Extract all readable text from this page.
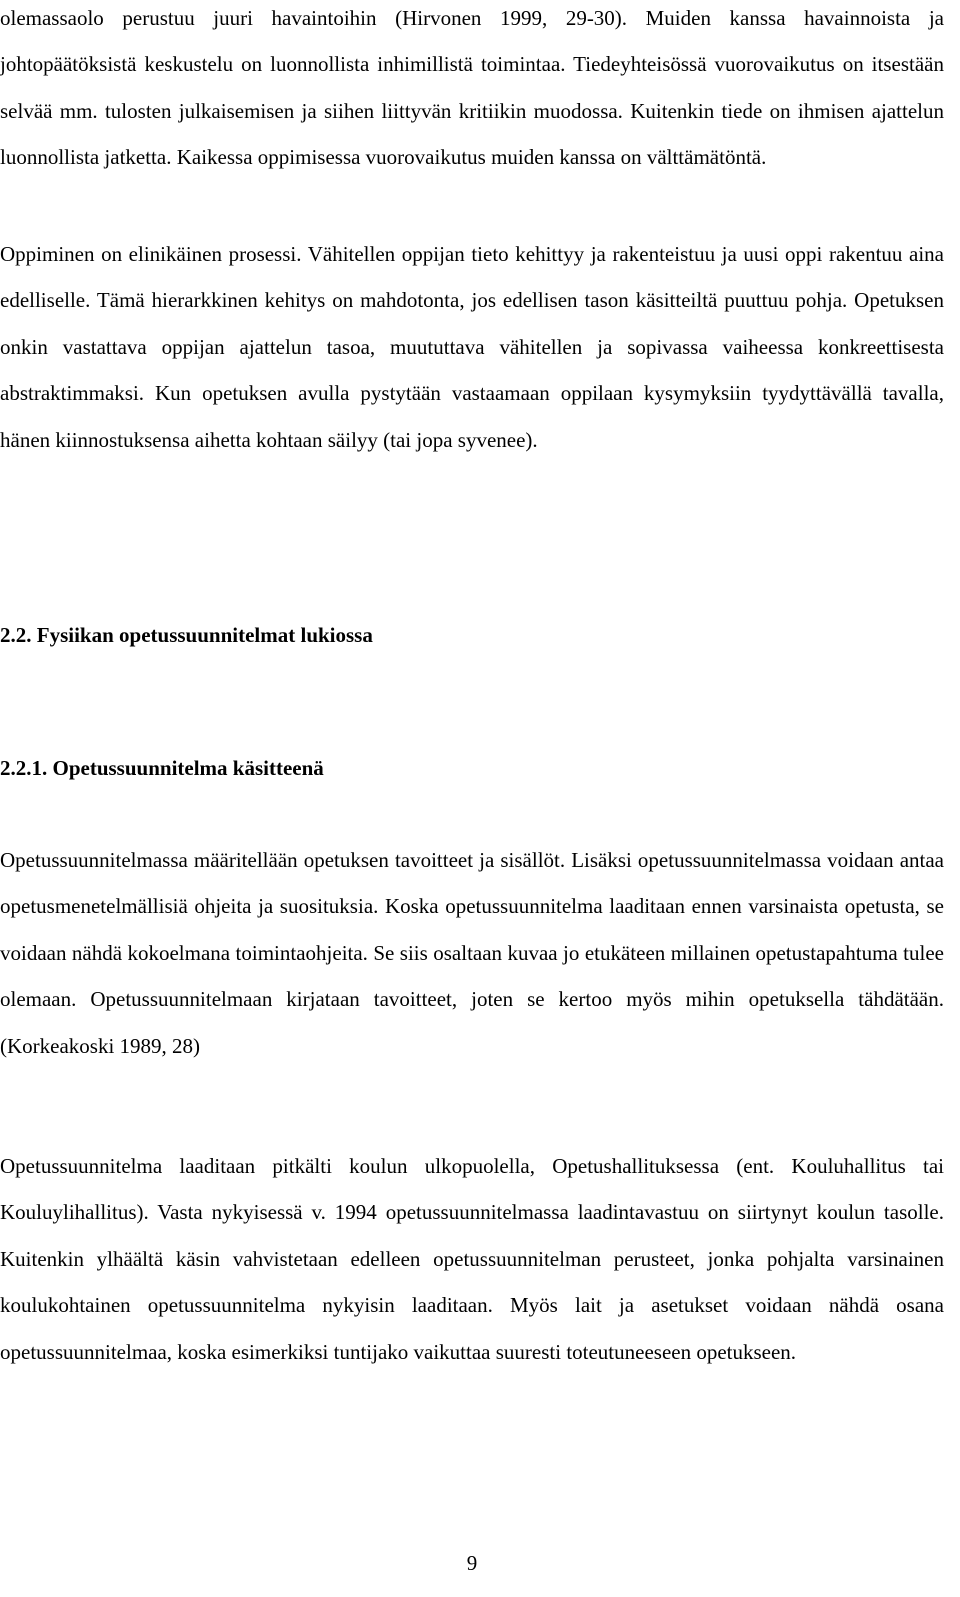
olemassaolo perustuu juuri havaintoihin (Hirvonen 1999, 29-30). Muiden kanssa havainnoista ja johtopäätöksistä keskustelu on luonnollista inhimillistä toimintaa. Tiedeyhteisössä vuorovaikutus on itsestään selvää mm. tulosten julkaisemisen ja siihen liittyvän kritiikin muodossa. Kuitenkin tiede on ihmisen ajattelun luonnollista jatketta. Kaikessa oppimisessa vuorovaikutus muiden kanssa on välttämätöntä.

Oppiminen on elinikäinen prosessi. Vähitellen oppijan tieto kehittyy ja rakenteistuu ja uusi oppi rakentuu aina edelliselle. Tämä hierarkkinen kehitys on mahdotonta, jos edellisen tason käsitteiltä puuttuu pohja. Opetuksen onkin vastattava oppijan ajattelun tasoa, muututtava vähitellen ja sopivassa vaiheessa konkreettisesta abstraktimmaksi. Kun opetuksen avulla pystytään vastaamaan oppilaan kysymyksiin tyydyttävällä tavalla, hänen kiinnostuksensa aihetta kohtaan säilyy (tai jopa syvenee).

2.2. Fysiikan opetussuunnitelmat lukiossa
2.2.1. Opetussuunnitelma käsitteenä

Opetussuunnitelmassa määritellään opetuksen tavoitteet ja sisällöt. Lisäksi opetussuunnitelmassa voidaan antaa opetusmenetelmällisiä ohjeita ja suosituksia. Koska opetussuunnitelma laaditaan ennen varsinaista opetusta, se voidaan nähdä kokoelmana toimintaohjeita. Se siis osaltaan kuvaa jo etukäteen millainen opetustapahtuma tulee olemaan. Opetussuunnitelmaan kirjataan tavoitteet, joten se kertoo myös mihin opetuksella tähdätään. (Korkeakoski 1989, 28)

Opetussuunnitelma laaditaan pitkälti koulun ulkopuolella, Opetushallituksessa (ent. Kouluhallitus tai Kouluylihallitus). Vasta nykyisessä v. 1994 opetussuunnitelmassa laadintavastuu on siirtynyt koulun tasolle. Kuitenkin ylhäältä käsin vahvistetaan edelleen opetussuunnitelman perusteet, jonka pohjalta varsinainen koulukohtainen opetussuunnitelma nykyisin laaditaan. Myös lait ja asetukset voidaan nähdä osana opetussuunnitelmaa, koska esimerkiksi tuntijako vaikuttaa suuresti toteutuneeseen opetukseen.

9
